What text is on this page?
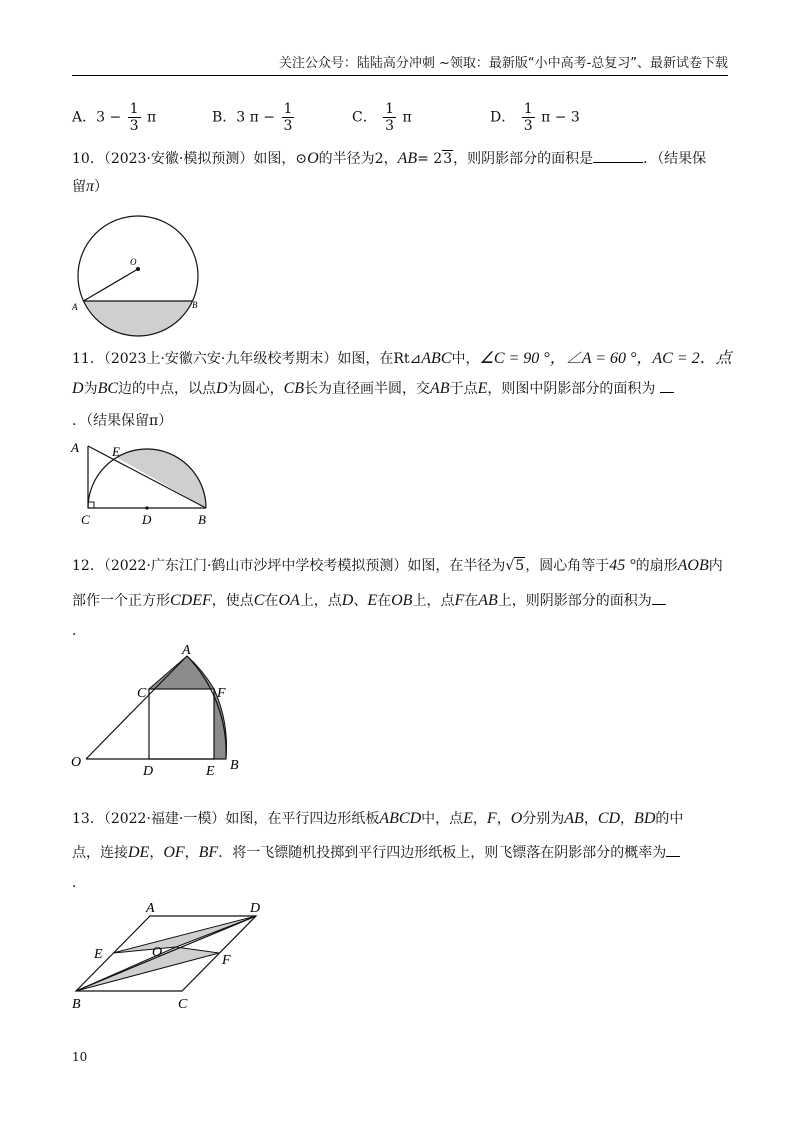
关注公众号：陆陆高分冲刺 ~领取：最新版“小中高考-总复习”、最新试卷下载
A．$3 - \frac{1}{3}$ π	B．3 $\pi - \frac{1}{3}$	C． $\frac{1}{3}$ π	D． $\frac{1}{3}$ π − 3
10．（2023·安徽·模拟预测）如图，⊙O的半径为2，AB= 23，则阴影部分的面积是	．（结果保
留π）
O
A	B
11．（2023上·安徽六安·九年级校考期末）如图，在Rt⊿ABC中，∠C = 90 °，∠A = 60 °，AC = 2．点
D为BC边的中点，以点D为圆心，CB长为直径画半圆，交AB于点E，则图中阴影部分的面积为
．（结果保留π）
A	E
C	D	B
12．（2022·广东江门·鹤山市沙坪中学校考模拟预测）如图，在半径为√5，圆心角等于45 °的扇形AOB内
部作一个正方形CDEF，使点C在OA上，点D、E在OB上，点F在AB上，则阴影部分的面积为
．
A
C	F
O
D	E B
13．（2022·福建·一模）如图，在平行四边形纸板ABCD中，点E，F，O分别为AB，CD，BD的中
点，连接DE，OF，BF．将一飞镖随机投掷到平行四边形纸板上，则飞镖落在阴影部分的概率为
．
A	D
E	O
F
B	C
10
